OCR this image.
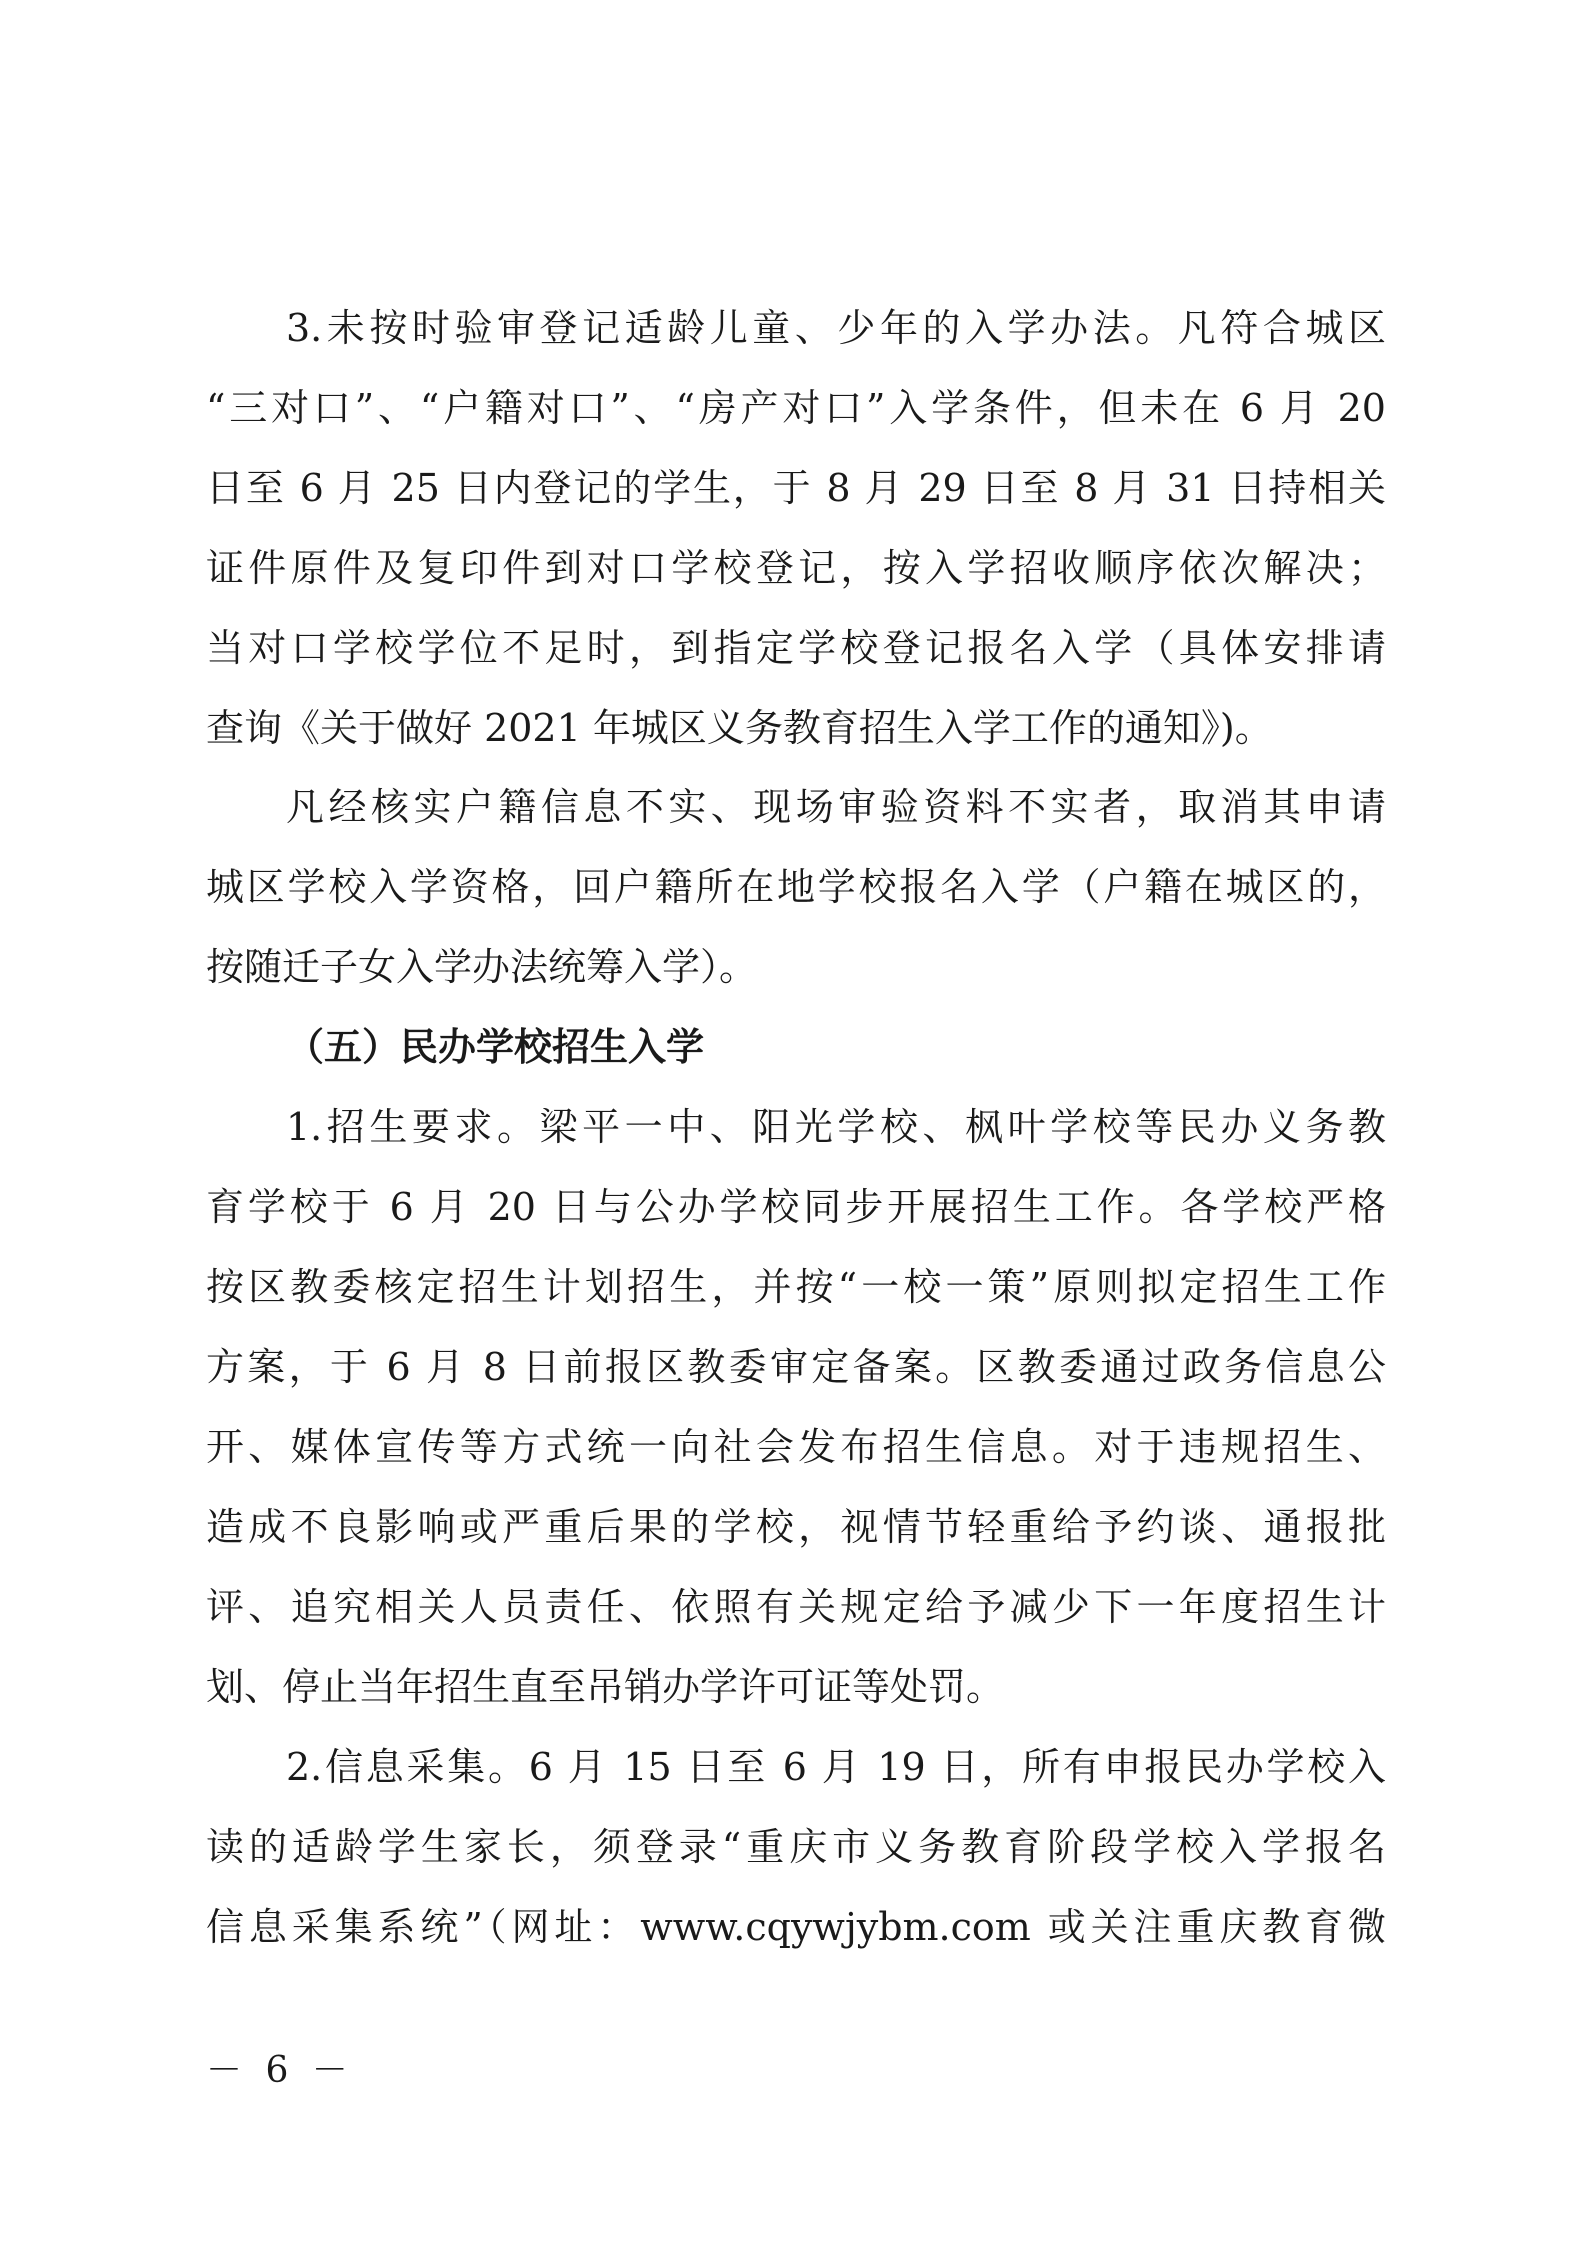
3.未按时验审登记适龄儿童、少年的入学办法。凡符合城区
“三对口”、“户籍对口”、“房产对口”入学条件，但未在 6 月 20
日至 6 月 25 日内登记的学生，于 8 月 29 日至 8 月 31 日持相关
证件原件及复印件到对口学校登记，按入学招收顺序依次解决；
当对口学校学位不足时，到指定学校登记报名入学（具体安排请
查询《关于做好 2021 年城区义务教育招生入学工作的通知》)。
凡经核实户籍信息不实、现场审验资料不实者，取消其申请
城区学校入学资格，回户籍所在地学校报名入学（户籍在城区的，
按随迁子女入学办法统筹入学）。
（五）民办学校招生入学
1.招生要求。梁平一中、阳光学校、枫叶学校等民办义务教
育学校于 6 月 20 日与公办学校同步开展招生工作。各学校严格
按区教委核定招生计划招生，并按“一校一策”原则拟定招生工作
方案，于 6 月 8 日前报区教委审定备案。区教委通过政务信息公
开、媒体宣传等方式统一向社会发布招生信息。对于违规招生、
造成不良影响或严重后果的学校，视情节轻重给予约谈、通报批
评、追究相关人员责任、依照有关规定给予减少下一年度招生计
划、停止当年招生直至吊销办学许可证等处罚。
2.信息采集。6 月 15 日至 6 月 19 日，所有申报民办学校入
读的适龄学生家长，须登录“重庆市义务教育阶段学校入学报名
信息采集系统”（网址：www.cqywjybm.com 或关注重庆教育微
－ 6 －
